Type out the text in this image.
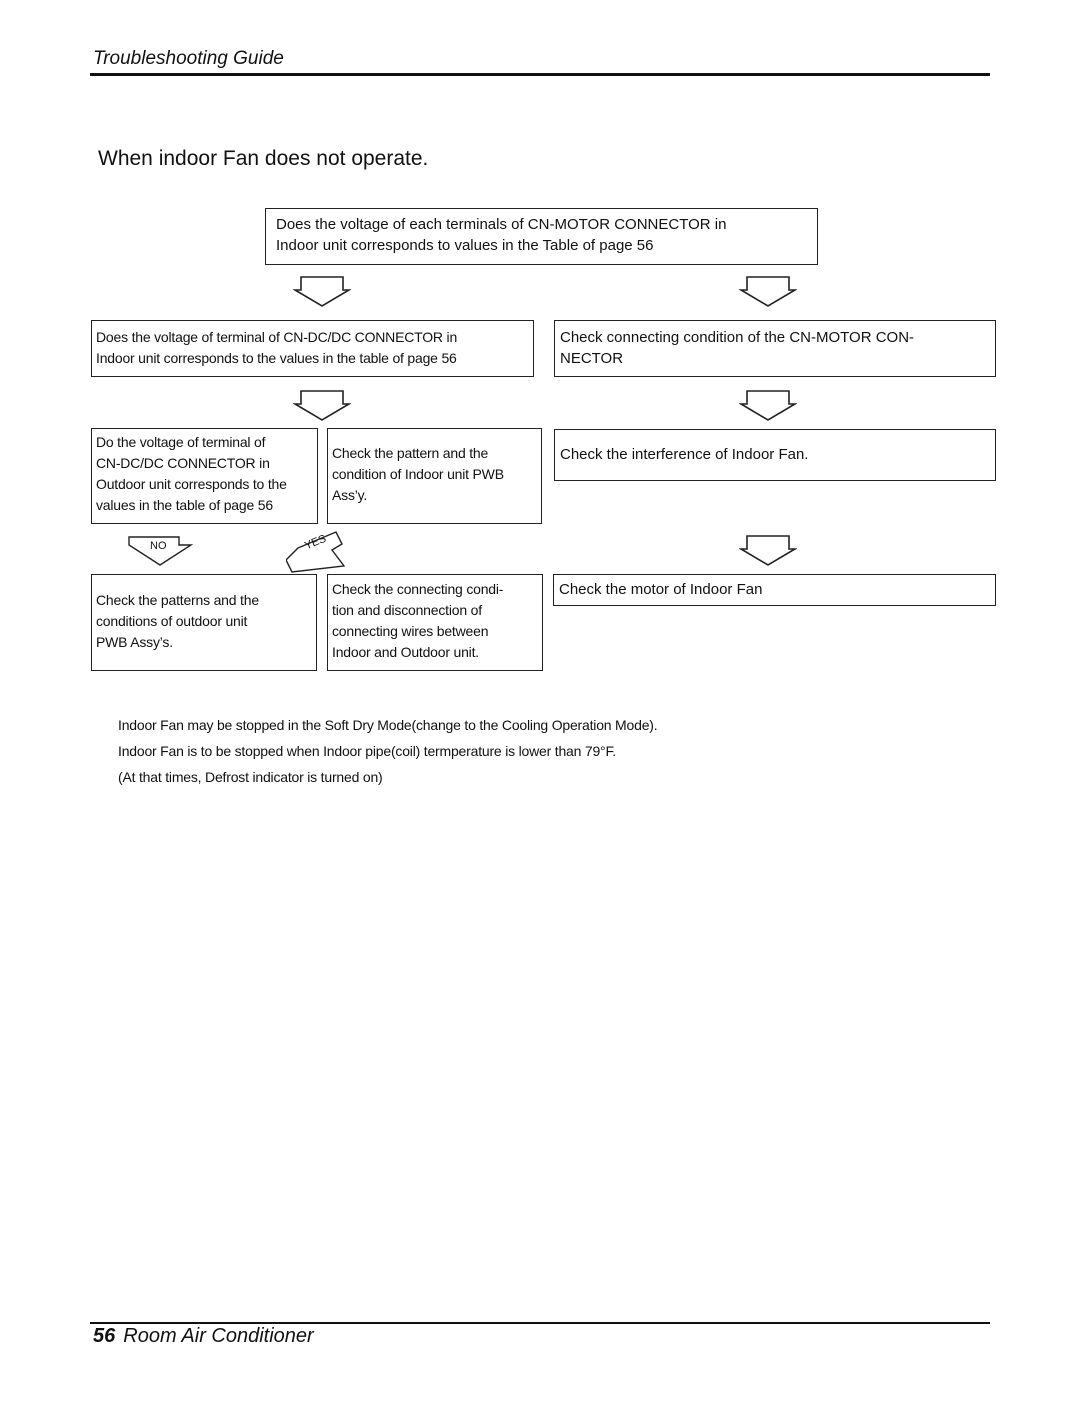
Troubleshooting Guide
When indoor Fan does not operate.
Does the voltage of each terminals of CN-MOTOR CONNECTOR in
Indoor unit corresponds to values in the Table of page 56
Does the voltage of terminal of CN-DC/DC CONNECTOR in
Indoor unit corresponds to the values in the table of page 56
Check connecting condition of the CN-MOTOR CON-
NECTOR
Do the voltage of terminal of
CN-DC/DC CONNECTOR in
Outdoor unit corresponds to the
values in the table of page 56
Check the pattern and the
condition of Indoor unit PWB
Ass’y.
Check the interference of Indoor Fan.
Check the patterns and the
conditions of outdoor unit
PWB Assy’s.
Check the connecting condi-
tion and disconnection of
connecting wires between
Indoor and Outdoor unit.
Check the motor of Indoor Fan
NO	YES
Indoor Fan may be stopped in the Soft Dry Mode(change to the Cooling Operation Mode).
Indoor Fan is to be stopped when Indoor pipe(coil) termperature is lower than 79°F.
(At that times, Defrost indicator is turned on)
56 Room Air Conditioner
